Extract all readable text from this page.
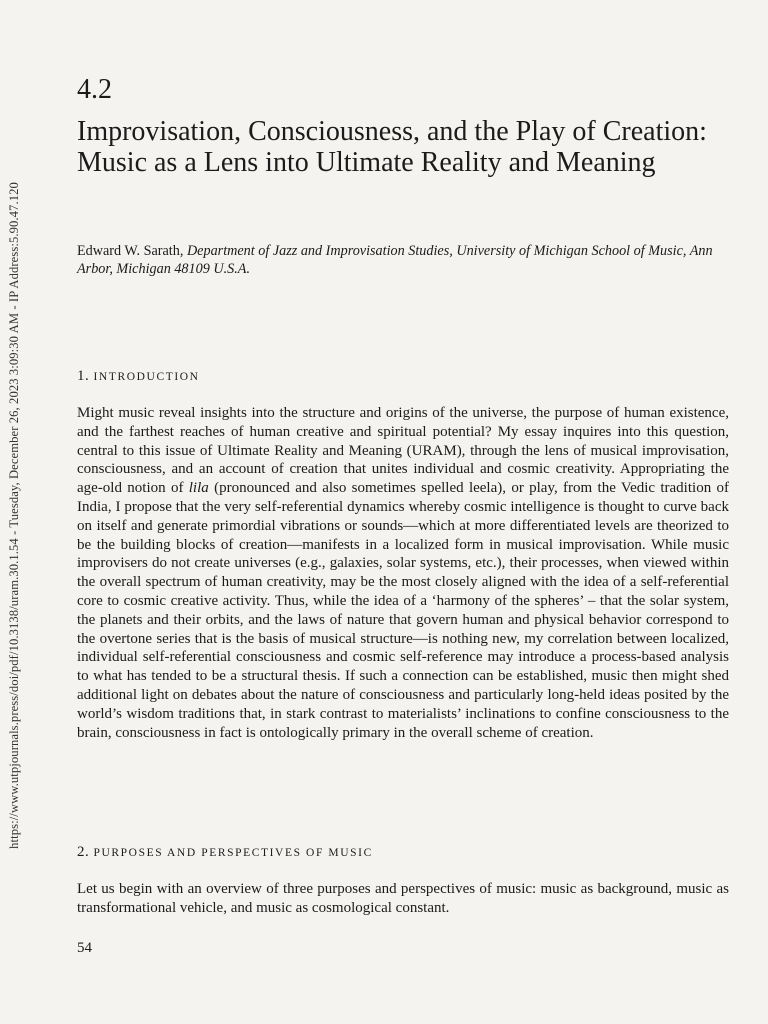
https://www.utpjournals.press/doi/pdf/10.3138/uram.30.1.54 - Tuesday, December 26, 2023 3:09:30 AM - IP Address:5.90.47.120
4.2
Improvisation, Consciousness, and the Play of Creation: Music as a Lens into Ultimate Reality and Meaning

Edward W. Sarath, Department of Jazz and Improvisation Studies, University of Michigan School of Music, Ann Arbor, Michigan 48109 U.S.A.

1. INTRODUCTION

Might music reveal insights into the structure and origins of the universe, the purpose of human existence, and the farthest reaches of human creative and spiritual potential? My essay inquires into this question, central to this issue of Ultimate Reality and Meaning (URAM), through the lens of musical improvisation, consciousness, and an account of creation that unites individual and cosmic creativity. Appropriating the age-old notion of lila (pronounced and also sometimes spelled leela), or play, from the Vedic tradition of India, I propose that the very self-referential dynamics whereby cosmic intelligence is thought to curve back on itself and generate primordial vibrations or sounds—which at more differentiated levels are theorized to be the building blocks of creation—manifests in a localized form in musical improvisation. While music improvisers do not create universes (e.g., galaxies, solar systems, etc.), their processes, when viewed within the overall spectrum of human creativity, may be the most closely aligned with the idea of a self-referential core to cosmic creative activity. Thus, while the idea of a ‘harmony of the spheres’ – that the solar system, the planets and their orbits, and the laws of nature that govern human and physical behavior correspond to the overtone series that is the basis of musical structure—is nothing new, my correlation between localized, individual self-referential consciousness and cosmic self-reference may introduce a process-based analysis to what has tended to be a structural thesis. If such a connection can be established, music then might shed additional light on debates about the nature of consciousness and particularly long-held ideas posited by the world’s wisdom traditions that, in stark contrast to materialists’ inclinations to confine consciousness to the brain, consciousness in fact is ontologically primary in the overall scheme of creation.

2. PURPOSES AND PERSPECTIVES OF MUSIC

Let us begin with an overview of three purposes and perspectives of music: music as background, music as transformational vehicle, and music as cosmological constant.

54
